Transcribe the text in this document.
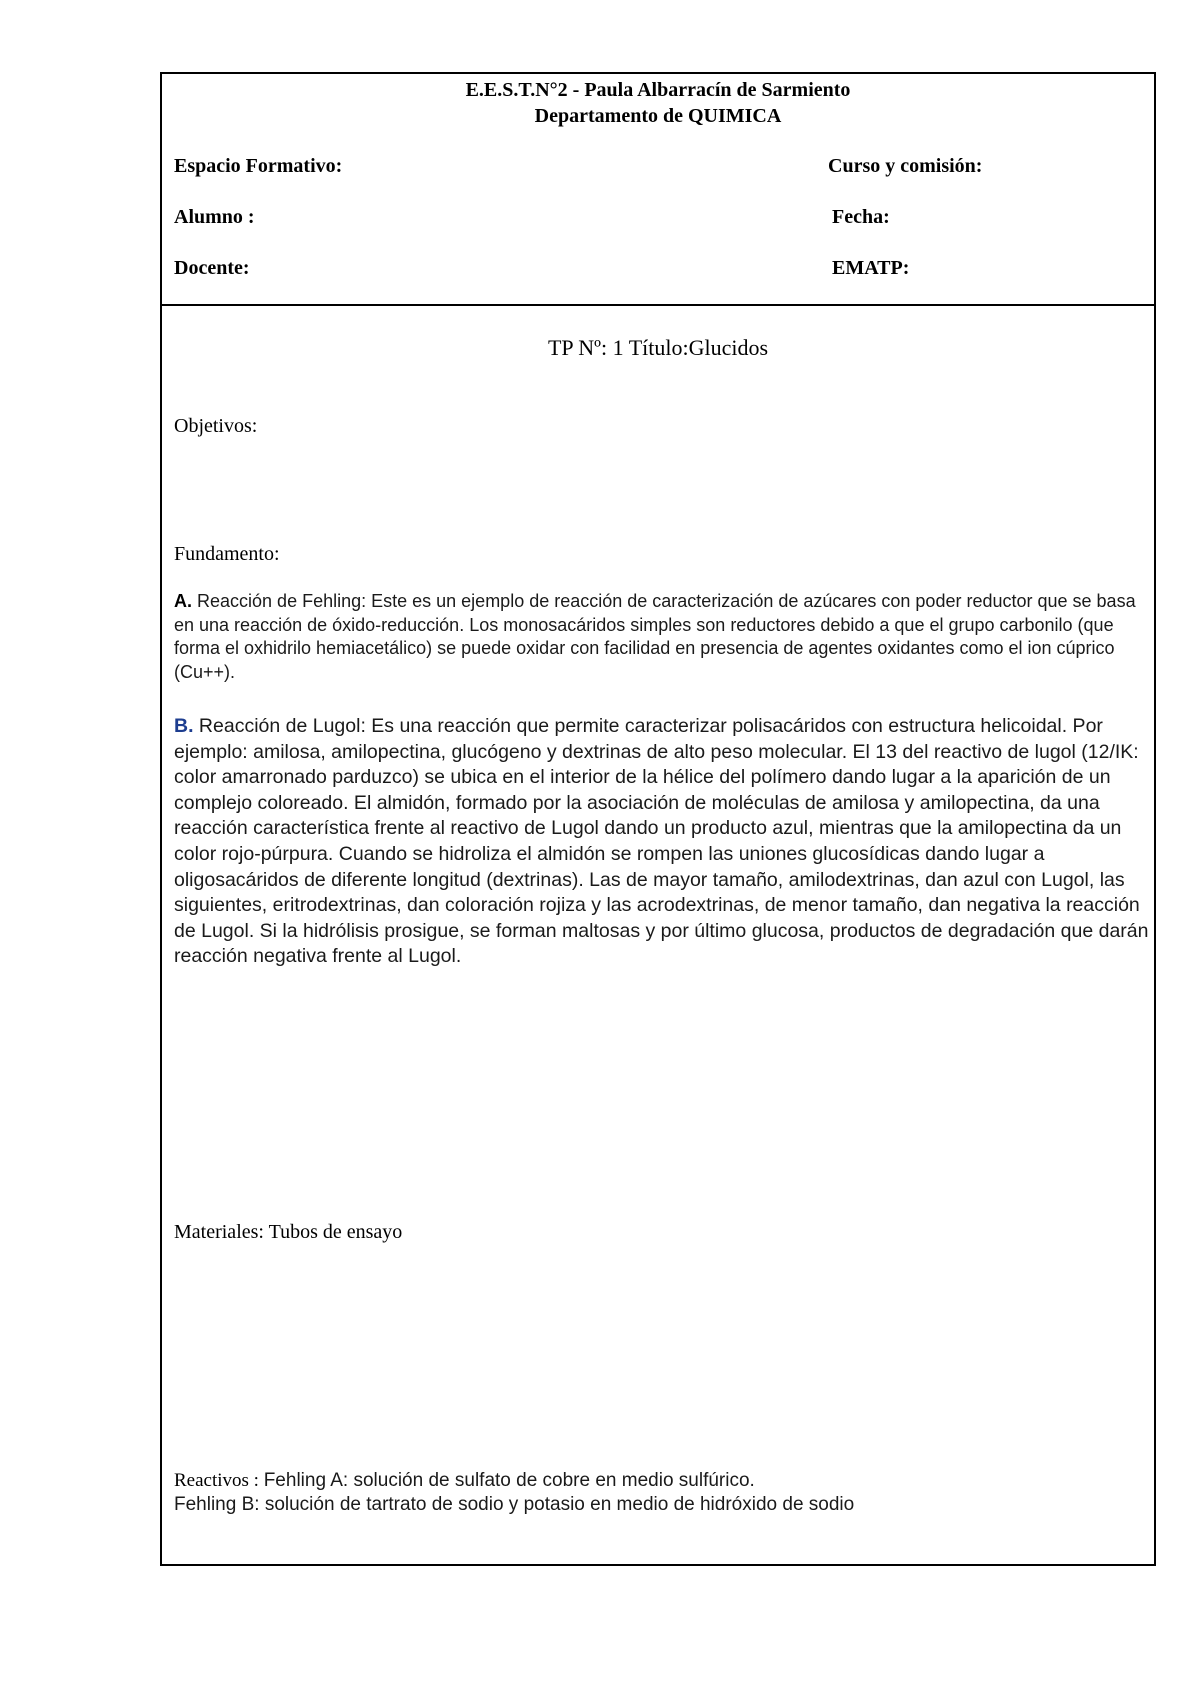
E.E.S.T.N°2 - Paula Albarracín de Sarmiento
Departamento de QUIMICA
Espacio Formativo:	Curso y comisión:
Alumno :	Fecha:
Docente:	EMATP:
TP Nº: 1 Título:Glucidos
Objetivos:
Fundamento:
A. Reacción de Fehling: Este es un ejemplo de reacción de caracterización de azúcares con poder reductor que se basa en una reacción de óxido-reducción. Los monosacáridos simples son reductores debido a que el grupo carbonilo (que forma el oxhidrilo hemiacetálico) se puede oxidar con facilidad en presencia de agentes oxidantes como el ion cúprico (Cu++).
B. Reacción de Lugol: Es una reacción que permite caracterizar polisacáridos con estructura helicoidal. Por ejemplo: amilosa, amilopectina, glucógeno y dextrinas de alto peso molecular. El 13 del reactivo de lugol (12/IK: color amarronado parduzco) se ubica en el interior de la hélice del polímero dando lugar a la aparición de un complejo coloreado. El almidón, formado por la asociación de moléculas de amilosa y amilopectina, da una reacción característica frente al reactivo de Lugol dando un producto azul, mientras que la amilopectina da un color rojo-púrpura. Cuando se hidroliza el almidón se rompen las uniones glucosídicas dando lugar a oligosacáridos de diferente longitud (dextrinas). Las de mayor tamaño, amilodextrinas, dan azul con Lugol, las siguientes, eritrodextrinas, dan coloración rojiza y las acrodextrinas, de menor tamaño, dan negativa la reacción de Lugol. Si la hidrólisis prosigue, se forman maltosas y por último glucosa, productos de degradación que darán reacción negativa frente al Lugol.
Materiales: Tubos de ensayo
Reactivos : Fehling A: solución de sulfato de cobre en medio sulfúrico.
Fehling B: solución de tartrato de sodio y potasio en medio de hidróxido de sodio
